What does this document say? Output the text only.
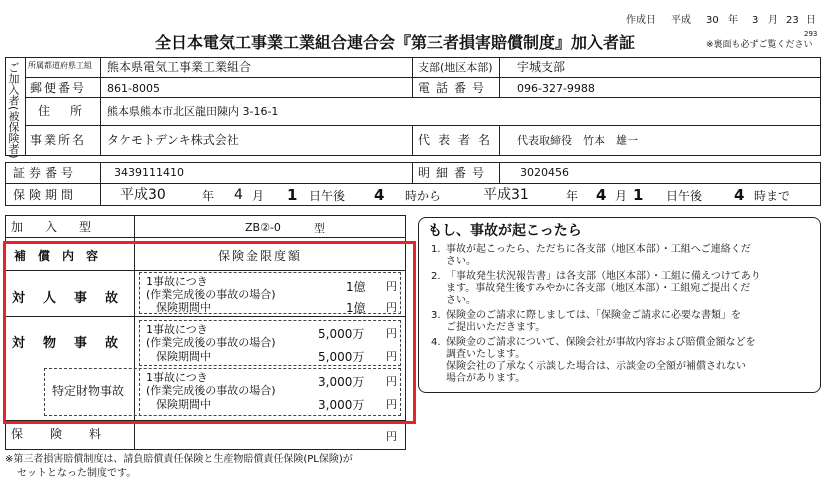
作成日 平成 30 年 3 月 23 日
293
全日本電気工事業工業組合連合会『第三者損害賠償制度』加入者証	※裏面も必ずご覧ください
ご加入者(被保険者) 所属都道府県工組 熊本県電気工事業工業組合	支部(地区本部) 宇城支部
郵便番号 861-8005	電話番号 096-327-9988
住所 熊本県熊本市北区龍田陳内 3-16-1
事業所名 タケモトデンキ株式会社	代表者名 代表取締役　竹本　雄一
証券番号	3439111410	明細番号	3020456
保険期間	平成30	年 4 月 1 日午後 4 時から	平成31	年 4 月 1 日午後 4 時まで
加入型	ZB②-0	型
補償内容	保険金限度額
対人事故
1事故につき
(作業完成後の事故の場合)
1億 円
保険期間中	1億 円
対物事故
1事故につき
(作業完成後の事故の場合)
5,000万 円
保険期間中	5,000万 円
特定財物事故
1事故につき
(作業完成後の事故の場合)
3,000万 円
保険期間中	3,000万 円
保険料	円
もし、事故が起こったら
1. 事故が起こったら、ただちに各支部（地区本部）・工組へご連絡くだ
さい。
2. 「事故発生状況報告書」は各支部（地区本部）・工組に備えつけてあり
ます。事故発生後すみやかに各支部（地区本部）・工組宛ご提出くだ
さい。
3. 保険金のご請求に際しましては、「保険金ご請求に必要な書類」を
ご提出いただきます。
4. 保険金のご請求について、保険会社が事故内容および賠償金額などを
調査いたします。
保険会社の了承なく示談した場合は、示談金の全額が補償されない
場合があります。
※第三者損害賠償制度は、請負賠償責任保険と生産物賠償責任保険(PL保険)が
セットとなった制度です。
